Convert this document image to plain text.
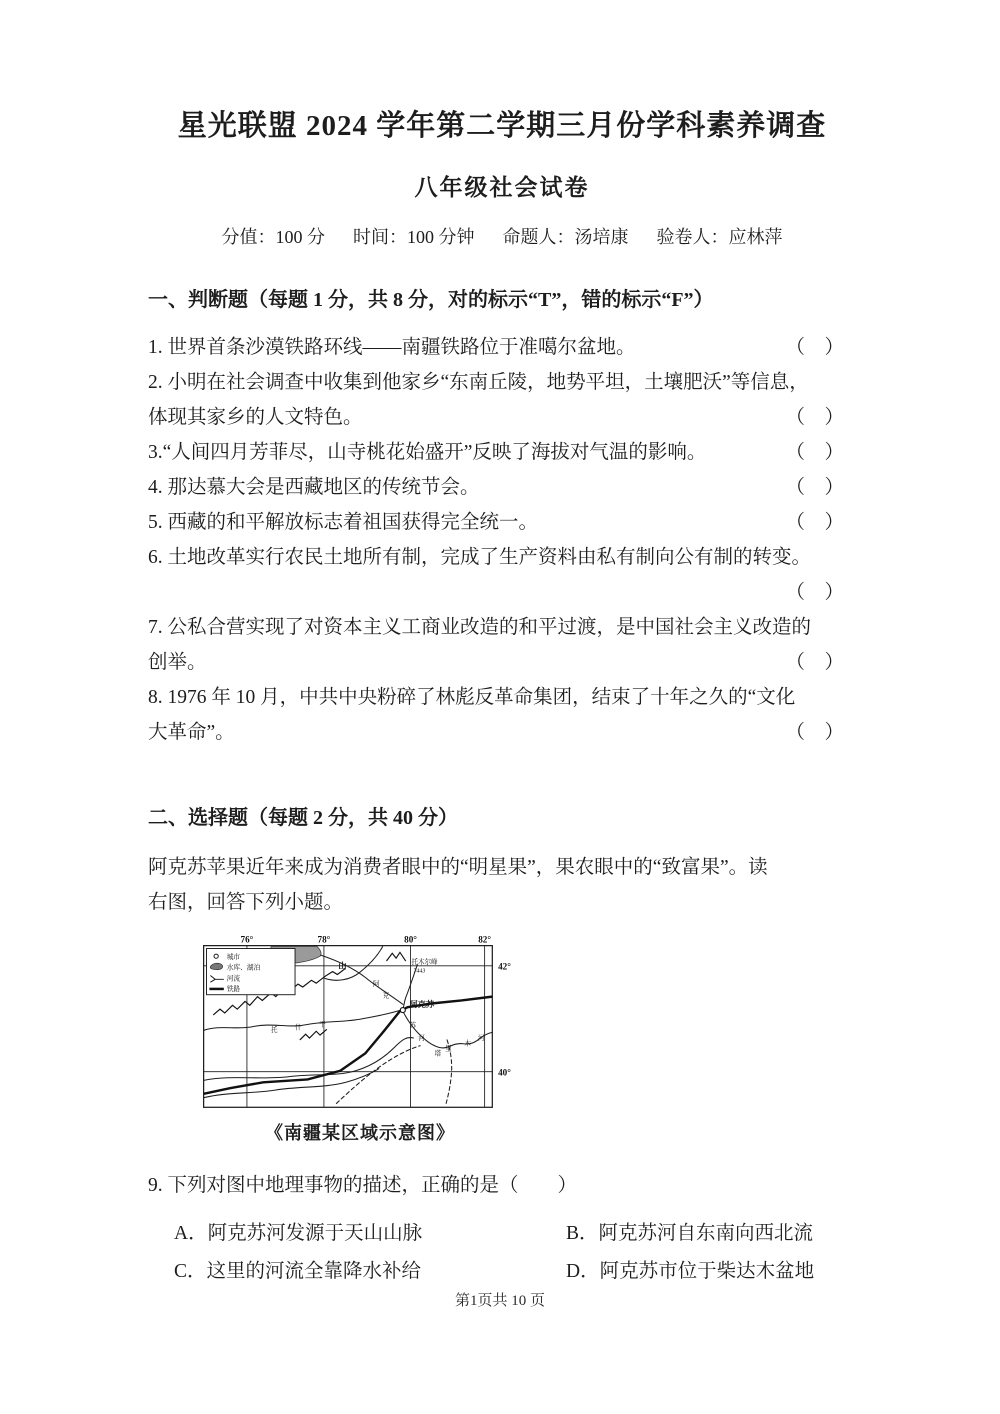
星光联盟 2024 学年第二学期三月份学科素养调查
八年级社会试卷
分值：100 分 时间：100 分钟 命题人：汤培康 验卷人：应林萍
一、判断题（每题 1 分，共 8 分，对的标示“T”，错的标示“F”）
1. 世界首条沙漠铁路环线——南疆铁路位于准噶尔盆地。	（　）
2. 小明在社会调查中收集到他家乡“东南丘陵，地势平坦，土壤肥沃”等信息，
体现其家乡的人文特色。	（　）
3.“人间四月芳菲尽，山寺桃花始盛开”反映了海拔对气温的影响。	（　）
4. 那达慕大会是西藏地区的传统节会。	（　）
5. 西藏的和平解放标志着祖国获得完全统一。	（　）
6. 土地改革实行农民土地所有制，完成了生产资料由私有制向公有制的转变。
（　）
7. 公私合营实现了对资本主义工商业改造的和平过渡，是中国社会主义改造的
创举。	（　）
8. 1976 年 10 月，中共中央粉碎了林彪反革命集团，结束了十年之久的“文化
大革命”。	（　）
二、选择题（每题 2 分，共 40 分）
阿克苏苹果近年来成为消费者眼中的“明星果”，果农眼中的“致富果”。读
右图，回答下列小题。
76°	78°	80°	82°
42°
40°
阿克苏
托木尔峰
7443
山
托	什	干
阿
克
苏
河
塔
里
木
河
城市
水库、湖泊
河流
铁路
《南疆某区域示意图》
9. 下列对图中地理事物的描述，正确的是（　　）
A．阿克苏河发源于天山山脉	B．阿克苏河自东南向西北流
C．这里的河流全靠降水补给	D．阿克苏市位于柴达木盆地
第1页共 10 页
